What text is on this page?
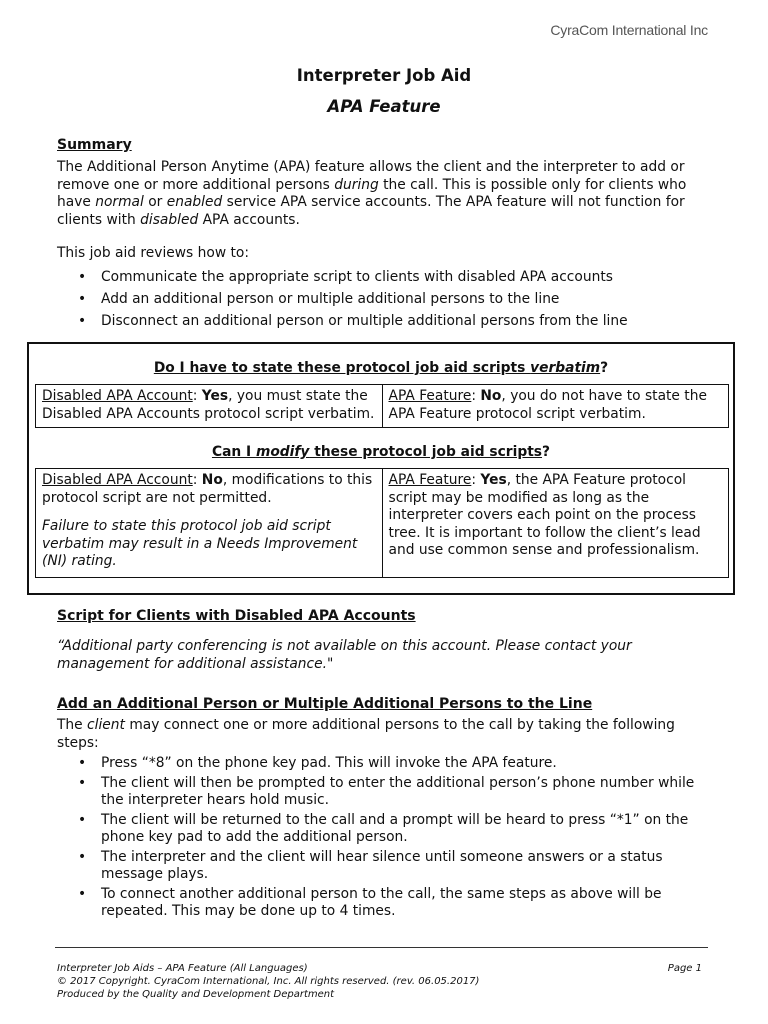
CyraCom International Inc
Interpreter Job Aid
APA Feature
Summary
The Additional Person Anytime (APA) feature allows the client and the interpreter to add or remove one or more additional persons during the call. This is possible only for clients who have normal or enabled service APA service accounts. The APA feature will not function for clients with disabled APA accounts.
This job aid reviews how to:
• Communicate the appropriate script to clients with disabled APA accounts
• Add an additional person or multiple additional persons to the line
• Disconnect an additional person or multiple additional persons from the line
Do I have to state these protocol job aid scripts verbatim?
Disabled APA Account: Yes, you must state the Disabled APA Accounts protocol script verbatim.	APA Feature: No, you do not have to state the APA Feature protocol script verbatim.
Can I modify these protocol job aid scripts?
Disabled APA Account: No, modifications to this protocol script are not permitted.
Failure to state this protocol job aid script verbatim may result in a Needs Improvement (NI) rating.
	APA Feature: Yes, the APA Feature protocol script may be modified as long as the interpreter covers each point on the process tree. It is important to follow the client’s lead and use common sense and professionalism.
Script for Clients with Disabled APA Accounts
“Additional party conferencing is not available on this account. Please contact your management for additional assistance."
Add an Additional Person or Multiple Additional Persons to the Line
The client may connect one or more additional persons to the call by taking the following steps:
• Press “*8” on the phone key pad. This will invoke the APA feature.
• The client will then be prompted to enter the additional person’s phone number while the interpreter hears hold music.
• The client will be returned to the call and a prompt will be heard to press “*1” on the phone key pad to add the additional person.
• The interpreter and the client will hear silence until someone answers or a status message plays.
• To connect another additional person to the call, the same steps as above will be repeated. This may be done up to 4 times.
Interpreter Job Aids – APA Feature (All Languages)	Page 1
© 2017 Copyright. CyraCom International, Inc. All rights reserved. (rev. 06.05.2017)
Produced by the Quality and Development Department
